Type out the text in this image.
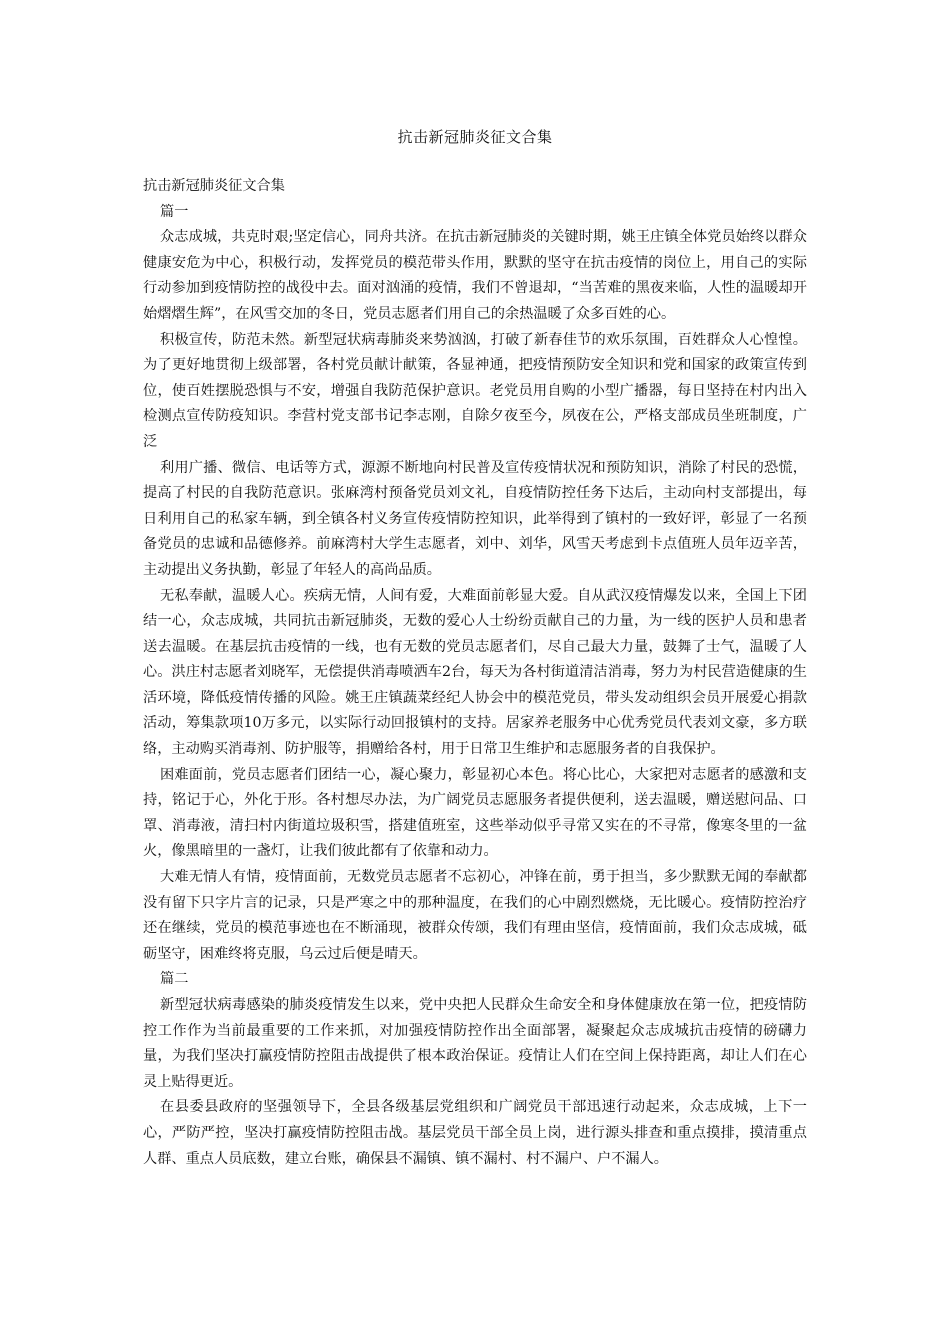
抗击新冠肺炎征文合集

抗击新冠肺炎征文合集

篇一

众志成城，共克时艰;坚定信心，同舟共济。在抗击新冠肺炎的关键时期，姚王庄镇全体党员始终以群众健康安危为中心，积极行动，发挥党员的模范带头作用，默默的坚守在抗击疫情的岗位上，用自己的实际行动参加到疫情防控的战役中去。面对汹涌的疫情，我们不曾退却，“当苦难的黑夜来临，人性的温暖却开始熠熠生辉”，在风雪交加的冬日，党员志愿者们用自己的余热温暖了众多百姓的心。

积极宣传，防范未然。新型冠状病毒肺炎来势汹汹，打破了新春佳节的欢乐氛围，百姓群众人心惶惶。为了更好地贯彻上级部署，各村党员献计献策，各显神通，把疫情预防安全知识和党和国家的政策宣传到位，使百姓摆脱恐惧与不安，增强自我防范保护意识。老党员用自购的小型广播器，每日坚持在村内出入检测点宣传防疫知识。李营村党支部书记李志刚，自除夕夜至今，夙夜在公，严格支部成员坐班制度，广泛

利用广播、微信、电话等方式，源源不断地向村民普及宣传疫情状况和预防知识，消除了村民的恐慌，提高了村民的自我防范意识。张麻湾村预备党员刘文礼，自疫情防控任务下达后，主动向村支部提出，每日利用自己的私家车辆，到全镇各村义务宣传疫情防控知识，此举得到了镇村的一致好评，彰显了一名预备党员的忠诚和品德修养。前麻湾村大学生志愿者，刘中、刘华，风雪天考虑到卡点值班人员年迈辛苦，主动提出义务执勤，彰显了年轻人的高尚品质。

无私奉献，温暖人心。疾病无情，人间有爱，大难面前彰显大爱。自从武汉疫情爆发以来，全国上下团结一心，众志成城，共同抗击新冠肺炎，无数的爱心人士纷纷贡献自己的力量，为一线的医护人员和患者送去温暖。在基层抗击疫情的一线，也有无数的党员志愿者们，尽自己最大力量，鼓舞了士气，温暖了人心。洪庄村志愿者刘晓军，无偿提供消毒喷洒车2台，每天为各村街道清洁消毒，努力为村民营造健康的生活环境，降低疫情传播的风险。姚王庄镇蔬菜经纪人协会中的模范党员，带头发动组织会员开展爱心捐款活动，筹集款项10万多元，以实际行动回报镇村的支持。居家养老服务中心优秀党员代表刘文豪，多方联络，主动购买消毒剂、防护服等，捐赠给各村，用于日常卫生维护和志愿服务者的自我保护。

困难面前，党员志愿者们团结一心，凝心聚力，彰显初心本色。将心比心，大家把对志愿者的感激和支持，铭记于心，外化于形。各村想尽办法，为广阔党员志愿服务者提供便利，送去温暖，赠送慰问品、口罩、消毒液，清扫村内街道垃圾积雪，搭建值班室，这些举动似乎寻常又实在的不寻常，像寒冬里的一盆火，像黑暗里的一盏灯，让我们彼此都有了依靠和动力。

大难无情人有情，疫情面前，无数党员志愿者不忘初心，冲锋在前，勇于担当，多少默默无闻的奉献都没有留下只字片言的记录，只是严寒之中的那种温度，在我们的心中剧烈燃烧，无比暖心。疫情防控治疗还在继续，党员的模范事迹也在不断涌现，被群众传颂，我们有理由坚信，疫情面前，我们众志成城，砥砺坚守，困难终将克服，乌云过后便是晴天。

篇二

新型冠状病毒感染的肺炎疫情发生以来，党中央把人民群众生命安全和身体健康放在第一位，把疫情防控工作作为当前最重要的工作来抓，对加强疫情防控作出全面部署，凝聚起众志成城抗击疫情的磅礴力量，为我们坚决打赢疫情防控阻击战提供了根本政治保证。疫情让人们在空间上保持距离，却让人们在心灵上贴得更近。

在县委县政府的坚强领导下，全县各级基层党组织和广阔党员干部迅速行动起来，众志成城，上下一心，严防严控，坚决打赢疫情防控阻击战。基层党员干部全员上岗，进行源头排查和重点摸排，摸清重点人群、重点人员底数，建立台账，确保县不漏镇、镇不漏村、村不漏户、户不漏人。
